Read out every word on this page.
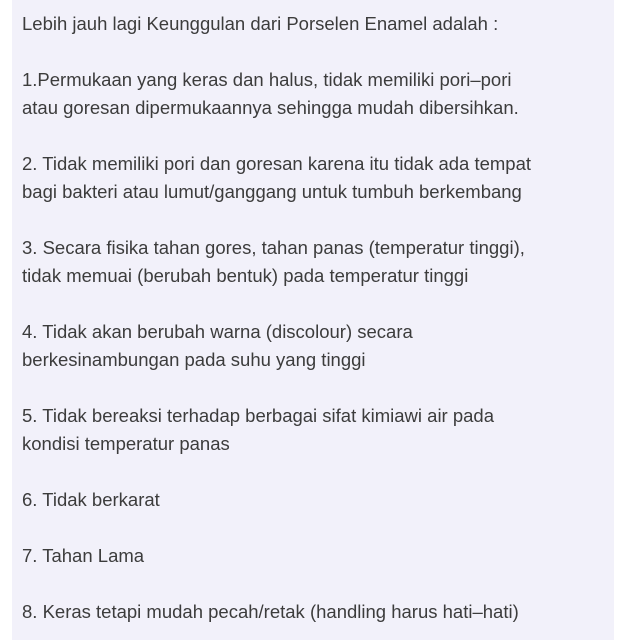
Lebih jauh lagi Keunggulan dari Porselen Enamel adalah :
1.Permukaan yang keras dan halus, tidak memiliki pori–pori
atau goresan dipermukaannya sehingga mudah dibersihkan.
2. Tidak memiliki pori dan goresan karena itu tidak ada tempat
bagi bakteri atau lumut/ganggang untuk tumbuh berkembang
3. Secara fisika tahan gores, tahan panas (temperatur tinggi),
tidak memuai (berubah bentuk) pada temperatur tinggi
4. Tidak akan berubah warna (discolour) secara
berkesinambungan pada suhu yang tinggi
5. Tidak bereaksi terhadap berbagai sifat kimiawi air pada
kondisi temperatur panas
6. Tidak berkarat
7. Tahan Lama
8. Keras tetapi mudah pecah/retak (handling harus hati–hati)
